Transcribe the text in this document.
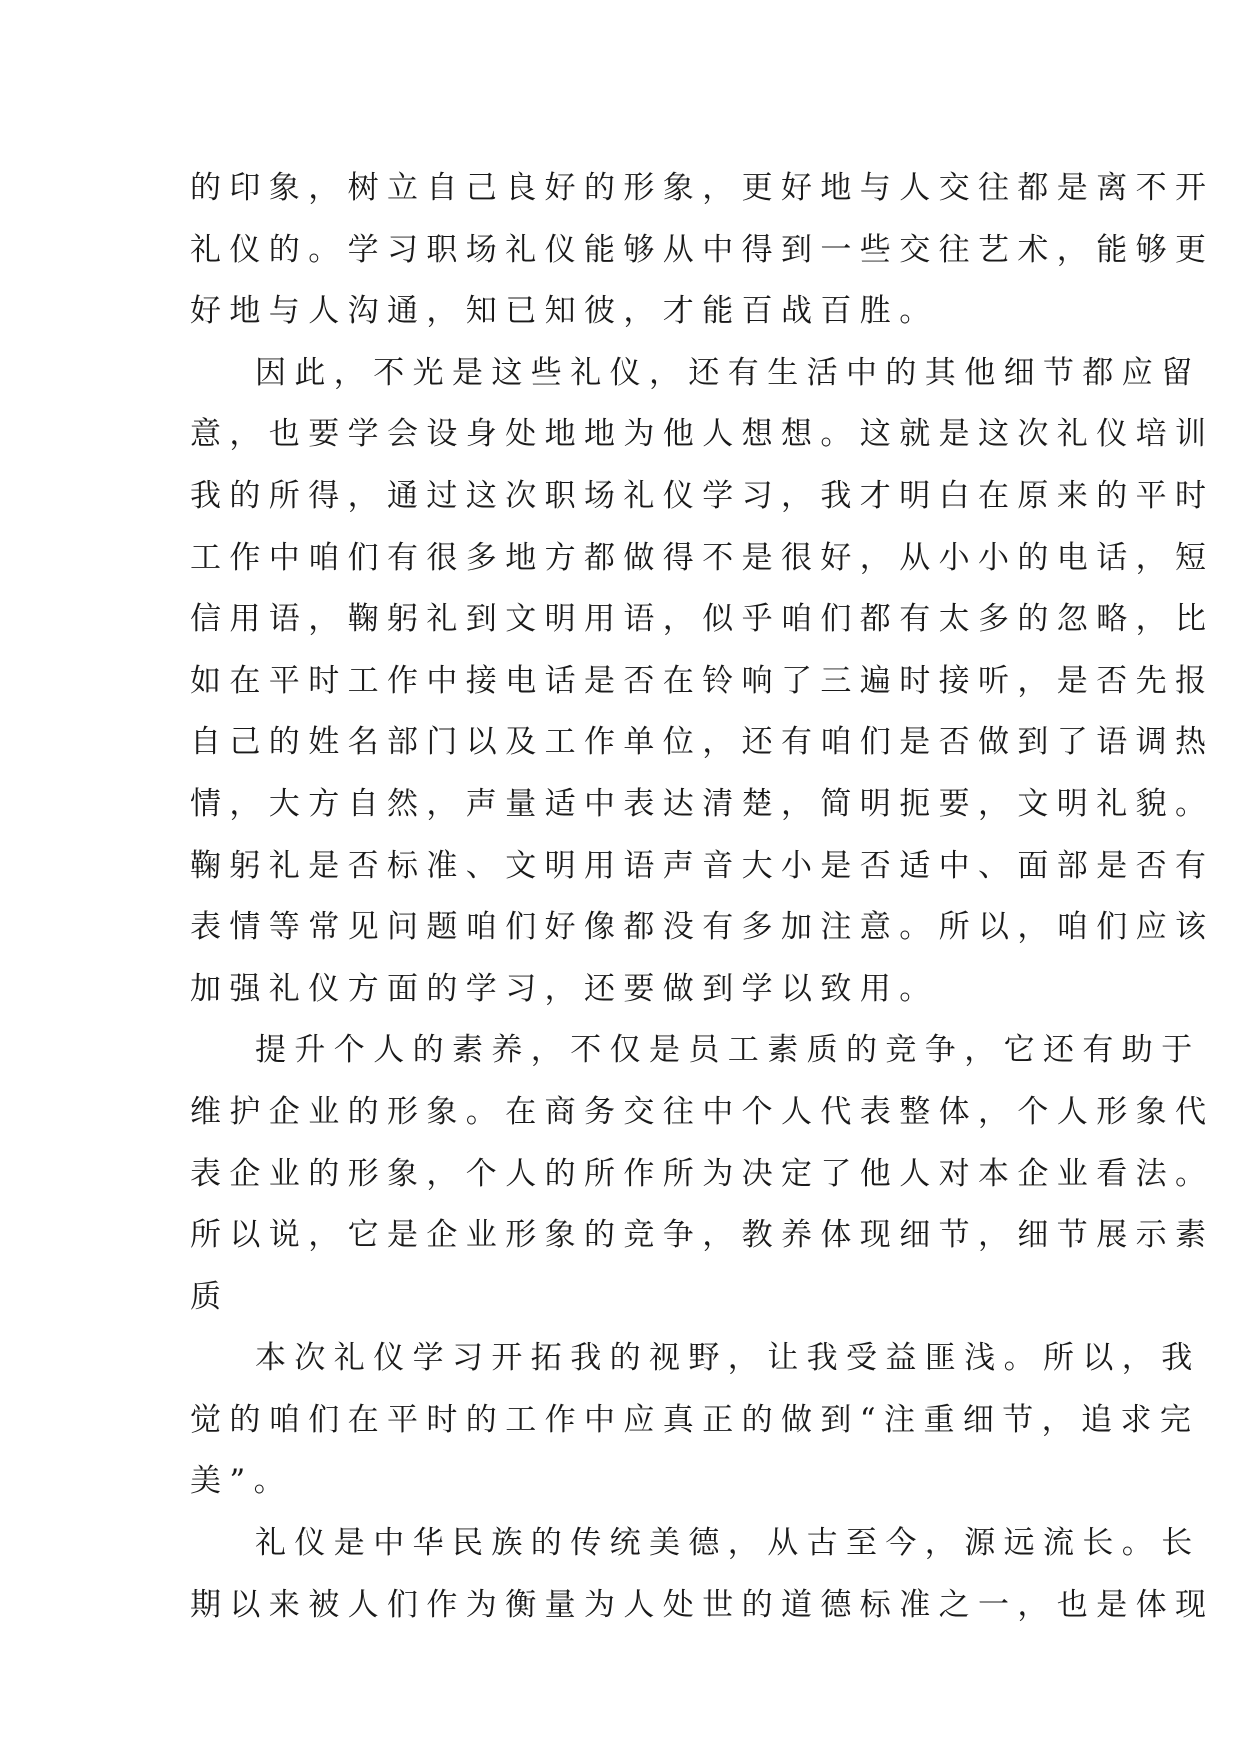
的印象，树立自己良好的形象，更好地与人交往都是离不开
礼仪的。学习职场礼仪能够从中得到一些交往艺术，能够更
好地与人沟通，知已知彼，才能百战百胜。
因此，不光是这些礼仪，还有生活中的其他细节都应留
意，也要学会设身处地地为他人想想。这就是这次礼仪培训
我的所得，通过这次职场礼仪学习，我才明白在原来的平时
工作中咱们有很多地方都做得不是很好，从小小的电话，短
信用语，鞠躬礼到文明用语，似乎咱们都有太多的忽略，比
如在平时工作中接电话是否在铃响了三遍时接听，是否先报
自己的姓名部门以及工作单位，还有咱们是否做到了语调热
情，大方自然，声量适中表达清楚，简明扼要，文明礼貌。
鞠躬礼是否标准、文明用语声音大小是否适中、面部是否有
表情等常见问题咱们好像都没有多加注意。所以，咱们应该
加强礼仪方面的学习，还要做到学以致用。
提升个人的素养，不仅是员工素质的竞争，它还有助于
维护企业的形象。在商务交往中个人代表整体，个人形象代
表企业的形象，个人的所作所为决定了他人对本企业看法。
所以说，它是企业形象的竞争，教养体现细节，细节展示素
质
本次礼仪学习开拓我的视野，让我受益匪浅。所以，我
觉的咱们在平时的工作中应真正的做到“注重细节，追求完
美”。
礼仪是中华民族的传统美德，从古至今，源远流长。长
期以来被人们作为衡量为人处世的道德标准之一，也是体现
